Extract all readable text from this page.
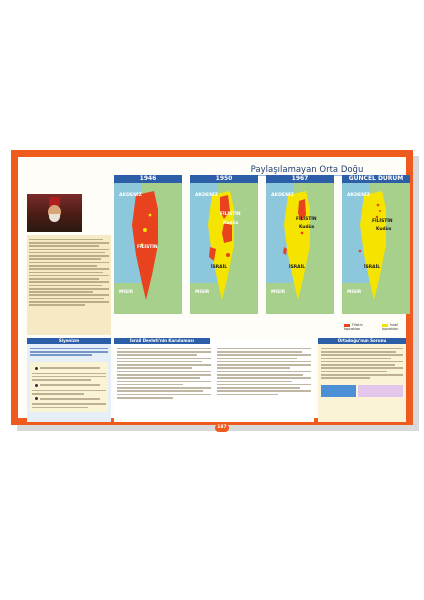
Paylaşılamayan Orta Doğu
1946
AKDENİZ
FİLİSTİN
MISIR
1950
AKDENİZ
FİLİSTİN
Kudüs
İSRAİL
MISIR
1967
AKDENİZ
FİLİSTİN
Kudüs
İSRAİL
MISIR
GÜNCEL DURUM
AKDENİZ
FİLİSTİN
Kudüs
İSRAİL
MISIR
Filistin toprakları
İsrail toprakları
Siyonizm	İsrail Devleti'nin Kuruluması	Ortadoğu'nun Sorunu
187
